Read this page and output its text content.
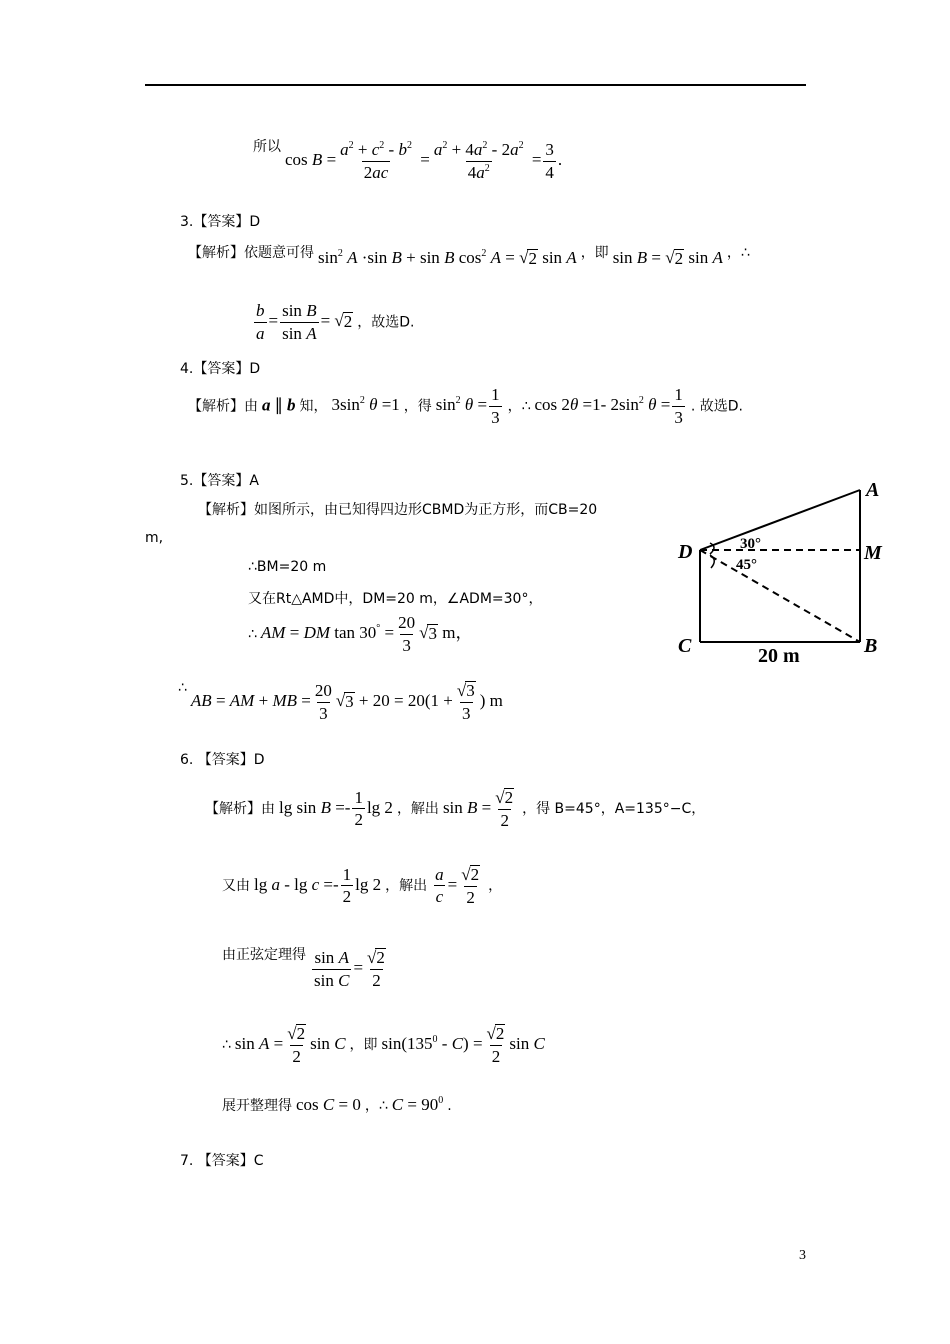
所以 $\cos B = \frac{a^2 + c^2 - b^2}{2ac} = \frac{a^2 + 4a^2 - 2a^2}{4a^2} = \frac{3}{4}$ .
3.【答案】D
【解析】依题意可得 $\sin^2 A \cdot\sin$ B + sin B $\cos^2 A$ = √ 2 sin A ，即 sin B = √ 2 sin A ，∴
$\frac{b}{a} = \frac{\text{sin B}}{\text{sin A}}$ = √ 2 ，故选D.
4.【答案】D
【解析】由 a ∥ b 知， $3\sin^2$ θ =1 ，得 $\sin^2 \theta = \frac{1}{3}$ ，∴ cos 2θ =1- $2\sin^2$ $\theta = \frac{1}{3}$ . 故选D.
5.【答案】A
【解析】如图所示，由已知得四边形CBMD为正方形，而CB=20
m,
∴BM=20 m
又在Rt△AMD中，DM=20 m，∠ADM=30°，
∴ AM = DM $\tan 30^\circ = \frac{20}{3}$ √ 3 m，
∴ AB = AM + MB = $\frac{20}{3}$ √ $3 + 20 = 20(1 + \frac{√ 3}{3}$ ) m
A
D	M
C	B
30°
45°
20 m
6. 【答案】D
【解析】由 $\lg \sin B =- \frac{1}{2}$ lg 2 ，解出 $\sin B = \frac{√ 2}{2}$ ，得 B=45°，A=135°−C，
又由 $\lg a - \lg c =- \frac{1}{2}$ lg 2 ，解出 $\frac{a}{c} = \frac{√ 2}{2}$ ，
由正弦定理得 $\frac{\text{sin A}}{\text{sin C}} = \frac{√ 2}{2}$
∴ $\sin A = \frac{√ 2}{2}$ sin C ，即 $\sin(135^0 - C) = \frac{√ 2}{2}$ sin C
展开整理得 cos C = 0 ，∴ $C = 90^0$ .
7. 【答案】C
3
